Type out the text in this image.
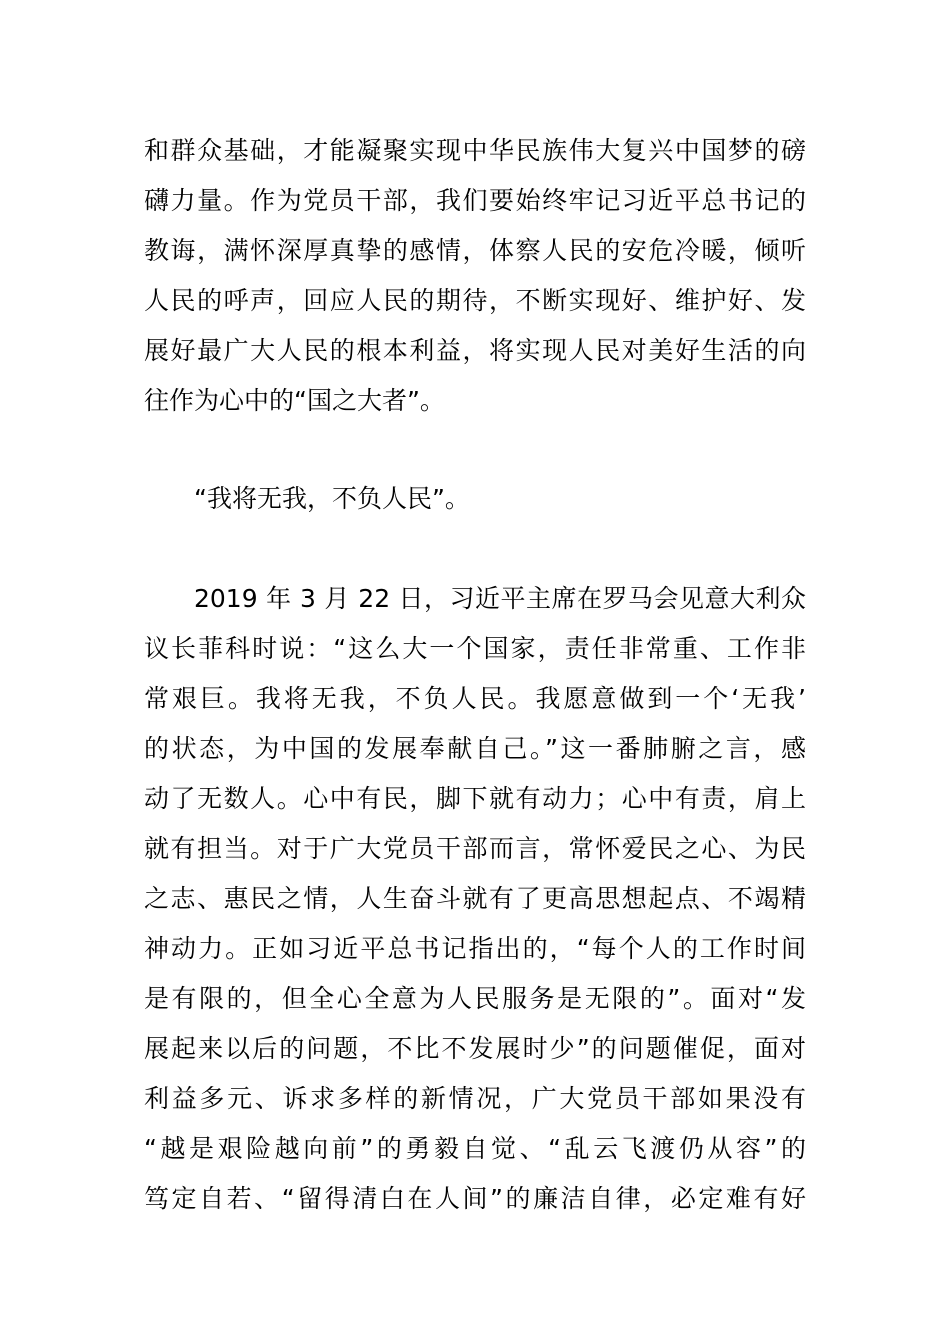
和群众基础，才能凝聚实现中华民族伟大复兴中国梦的磅
礴力量。作为党员干部，我们要始终牢记习近平总书记的
教诲，满怀深厚真挚的感情，体察人民的安危冷暖，倾听
人民的呼声，回应人民的期待，不断实现好、维护好、发
展好最广大人民的根本利益，将实现人民对美好生活的向
往作为心中的“国之大者”。
“我将无我，不负人民”。
2019 年 3 月 22 日，习近平主席在罗马会见意大利众
议长菲科时说：“这么大一个国家，责任非常重、工作非
常艰巨。我将无我，不负人民。我愿意做到一个‘无我’
的状态，为中国的发展奉献自己。”这一番肺腑之言，感
动了无数人。心中有民，脚下就有动力；心中有责，肩上
就有担当。对于广大党员干部而言，常怀爱民之心、为民
之志、惠民之情，人生奋斗就有了更高思想起点、不竭精
神动力。正如习近平总书记指出的，“每个人的工作时间
是有限的，但全心全意为人民服务是无限的”。面对“发
展起来以后的问题，不比不发展时少”的问题催促，面对
利益多元、诉求多样的新情况，广大党员干部如果没有
“越是艰险越向前”的勇毅自觉、“乱云飞渡仍从容”的
笃定自若、“留得清白在人间”的廉洁自律，必定难有好
